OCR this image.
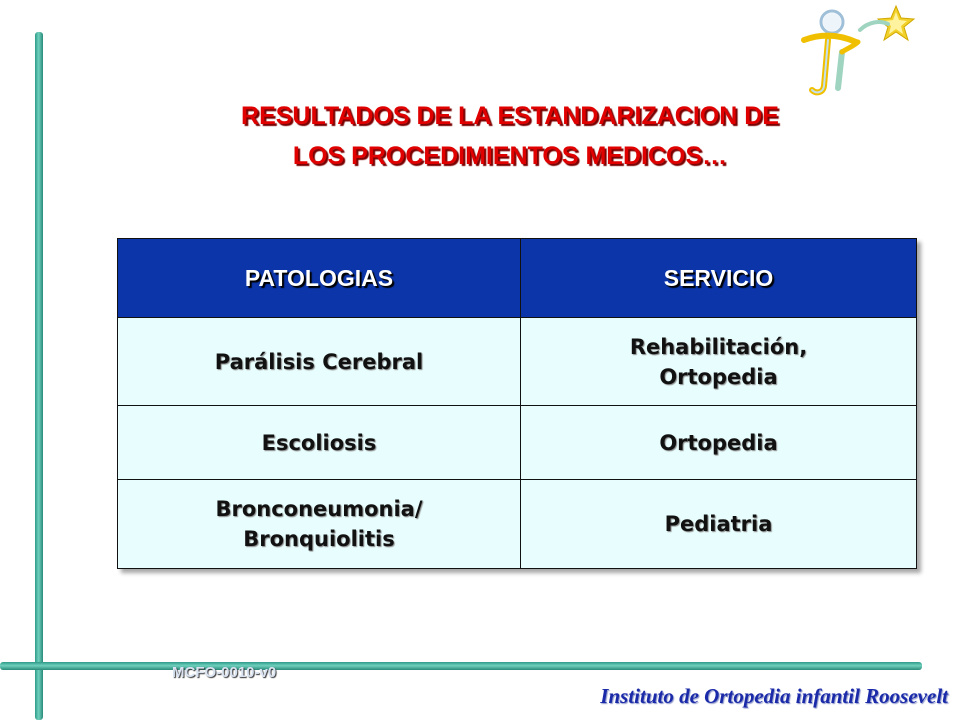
RESULTADOS DE LA ESTANDARIZACION DE
LOS PROCEDIMIENTOS MEDICOS…
PATOLOGIAS	SERVICIO

Parálisis Cerebral	Rehabilitación,
Ortopedia

Escoliosis	Ortopedia

Bronconeumonia/
Bronquiolitis	Pediatria
MCFO-0010-v0
Instituto de Ortopedia infantil Roosevelt
